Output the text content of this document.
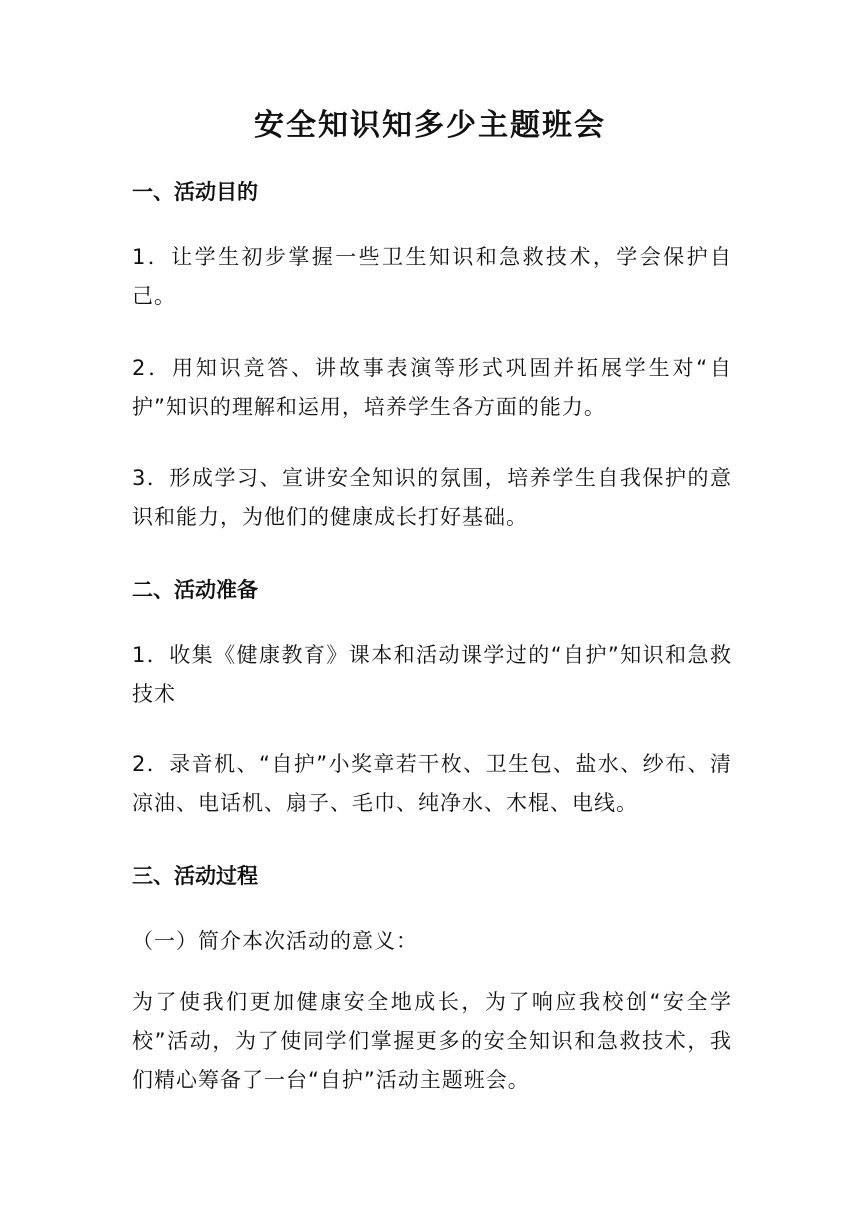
安全知识知多少主题班会
一、活动目的

1．让学生初步掌握一些卫生知识和急救技术，学会保护自己。

2．用知识竞答、讲故事表演等形式巩固并拓展学生对“自护”知识的理解和运用，培养学生各方面的能力。

3．形成学习、宣讲安全知识的氛围，培养学生自我保护的意识和能力，为他们的健康成长打好基础。

二、活动准备

1．收集《健康教育》课本和活动课学过的“自护”知识和急救技术

2．录音机、“自护”小奖章若干枚、卫生包、盐水、纱布、清凉油、电话机、扇子、毛巾、纯净水、木棍、电线。

三、活动过程

（一）简介本次活动的意义：

为了使我们更加健康安全地成长，为了响应我校创“安全学校”活动，为了使同学们掌握更多的安全知识和急救技术，我们精心筹备了一台“自护”活动主题班会。
